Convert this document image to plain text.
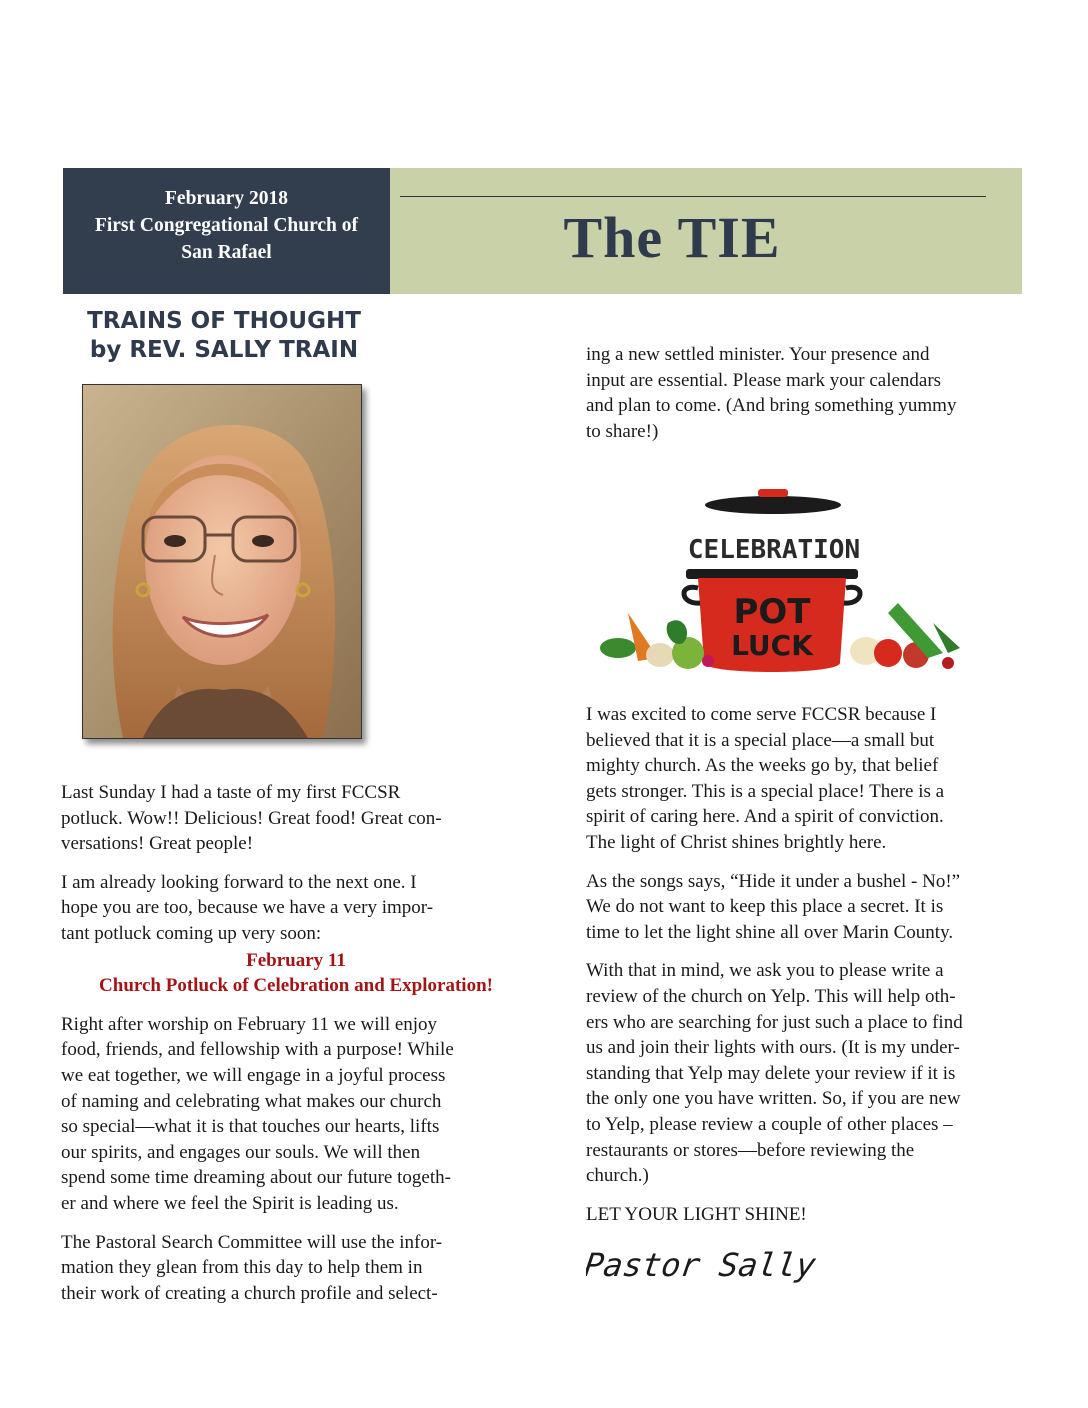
February 2018
First Congregational Church of
San Rafael	The TIE
TRAINS OF THOUGHT
by REV. SALLY TRAIN

Last Sunday I had a taste of my first FCCSR
potluck. Wow!! Delicious! Great food! Great con-
versations! Great people!

I am already looking forward to the next one. I
hope you are too, because we have a very impor-
tant potluck coming up very soon:

February 11
Church Potluck of Celebration and Exploration!

Right after worship on February 11 we will enjoy
food, friends, and fellowship with a purpose! While
we eat together, we will engage in a joyful process
of naming and celebrating what makes our church
so special—what it is that touches our hearts, lifts
our spirits, and engages our souls. We will then
spend some time dreaming about our future togeth-
er and where we feel the Spirit is leading us.

The Pastoral Search Committee will use the infor-
mation they glean from this day to help them in
their work of creating a church profile and select-

ing a new settled minister. Your presence and
input are essential. Please mark your calendars
and plan to come. (And bring something yummy
to share!)

CELEBRATION
POT
LUCK

I was excited to come serve FCCSR because I
believed that it is a special place—a small but
mighty church. As the weeks go by, that belief
gets stronger. This is a special place! There is a
spirit of caring here. And a spirit of conviction.
The light of Christ shines brightly here.

As the songs says, “Hide it under a bushel - No!”
We do not want to keep this place a secret. It is
time to let the light shine all over Marin County.

With that in mind, we ask you to please write a
review of the church on Yelp. This will help oth-
ers who are searching for just such a place to find
us and join their lights with ours. (It is my under-
standing that Yelp may delete your review if it is
the only one you have written. So, if you are new
to Yelp, please review a couple of other places –
restaurants or stores—before reviewing the
church.)

LET YOUR LIGHT SHINE!

Pastor Sally
